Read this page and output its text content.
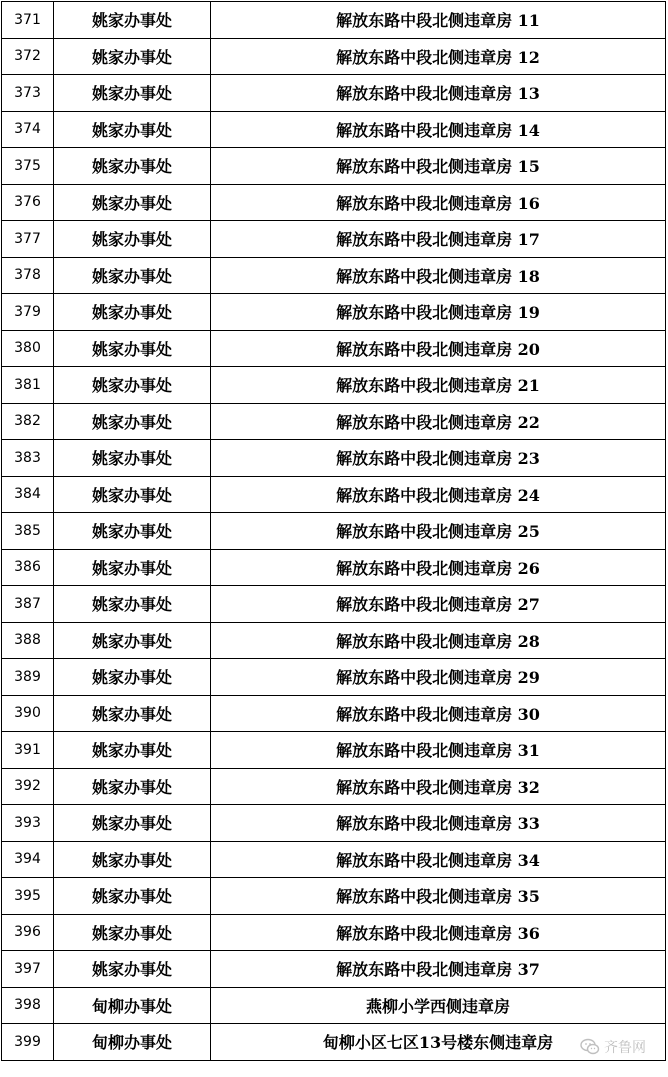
371	姚家办事处	解放东路中段北侧违章房 11
372	姚家办事处	解放东路中段北侧违章房 12
373	姚家办事处	解放东路中段北侧违章房 13
374	姚家办事处	解放东路中段北侧违章房 14
375	姚家办事处	解放东路中段北侧违章房 15
376	姚家办事处	解放东路中段北侧违章房 16
377	姚家办事处	解放东路中段北侧违章房 17
378	姚家办事处	解放东路中段北侧违章房 18
379	姚家办事处	解放东路中段北侧违章房 19
380	姚家办事处	解放东路中段北侧违章房 20
381	姚家办事处	解放东路中段北侧违章房 21
382	姚家办事处	解放东路中段北侧违章房 22
383	姚家办事处	解放东路中段北侧违章房 23
384	姚家办事处	解放东路中段北侧违章房 24
385	姚家办事处	解放东路中段北侧违章房 25
386	姚家办事处	解放东路中段北侧违章房 26
387	姚家办事处	解放东路中段北侧违章房 27
388	姚家办事处	解放东路中段北侧违章房 28
389	姚家办事处	解放东路中段北侧违章房 29
390	姚家办事处	解放东路中段北侧违章房 30
391	姚家办事处	解放东路中段北侧违章房 31
392	姚家办事处	解放东路中段北侧违章房 32
393	姚家办事处	解放东路中段北侧违章房 33
394	姚家办事处	解放东路中段北侧违章房 34
395	姚家办事处	解放东路中段北侧违章房 35
396	姚家办事处	解放东路中段北侧违章房 36
397	姚家办事处	解放东路中段北侧违章房 37
398	甸柳办事处	燕柳小学西侧违章房
399	甸柳办事处	甸柳小区七区13号楼东侧违章房	齐鲁网
